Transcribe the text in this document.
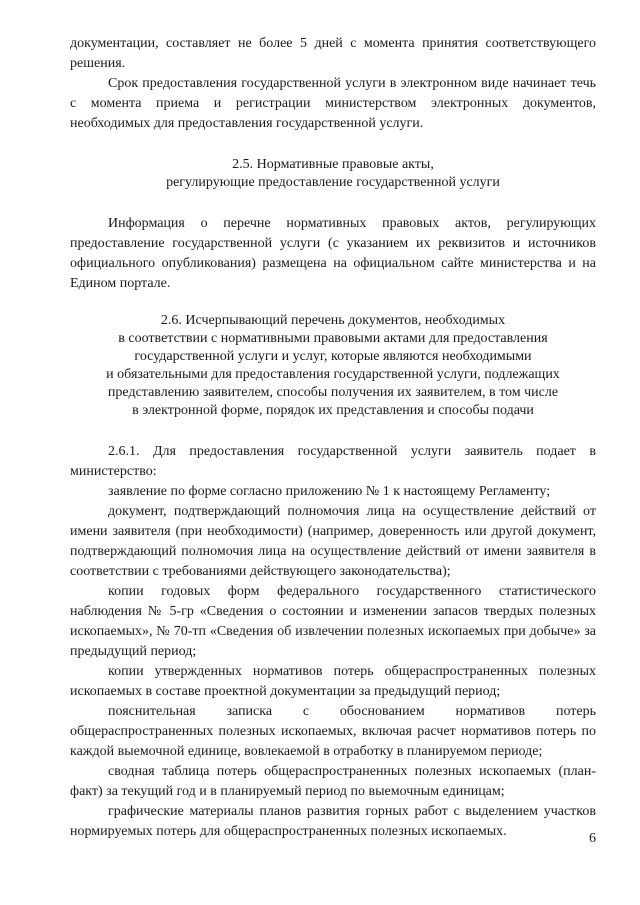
документации, составляет не более 5 дней с момента принятия соответствующего решения.

Срок предоставления государственной услуги в электронном виде начинает течь с момента приема и регистрации министерством электронных документов, необходимых для предоставления государственной услуги.

2.5. Нормативные правовые акты,
регулирующие предоставление государственной услуги

Информация о перечне нормативных правовых актов, регулирующих предоставление государственной услуги (с указанием их реквизитов и источников официального опубликования) размещена на официальном сайте министерства и на Едином портале.

2.6. Исчерпывающий перечень документов, необходимых
в соответствии с нормативными правовыми актами для предоставления
государственной услуги и услуг, которые являются необходимыми
и обязательными для предоставления государственной услуги, подлежащих
представлению заявителем, способы получения их заявителем, в том числе
в электронной форме, порядок их представления и способы подачи

2.6.1. Для предоставления государственной услуги заявитель подает в министерство:

заявление по форме согласно приложению № 1 к настоящему Регламенту;

документ, подтверждающий полномочия лица на осуществление действий от имени заявителя (при необходимости) (например, доверенность или другой документ, подтверждающий полномочия лица на осуществление действий от имени заявителя в соответствии с требованиями действующего законодательства);

копии годовых форм федерального государственного статистического наблюдения № 5-гр «Сведения о состоянии и изменении запасов твердых полезных ископаемых», № 70-тп «Сведения об извлечении полезных ископаемых при добыче» за предыдущий период;

копии утвержденных нормативов потерь общераспространенных полезных ископаемых в составе проектной документации за предыдущий период;

пояснительная записка с обоснованием нормативов потерь общераспространенных полезных ископаемых, включая расчет нормативов потерь по каждой выемочной единице, вовлекаемой в отработку в планируемом периоде;

сводная таблица потерь общераспространенных полезных ископаемых (план-факт) за текущий год и в планируемый период по выемочным единицам;

графические материалы планов развития горных работ с выделением участков нормируемых потерь для общераспространенных полезных ископаемых.	6
